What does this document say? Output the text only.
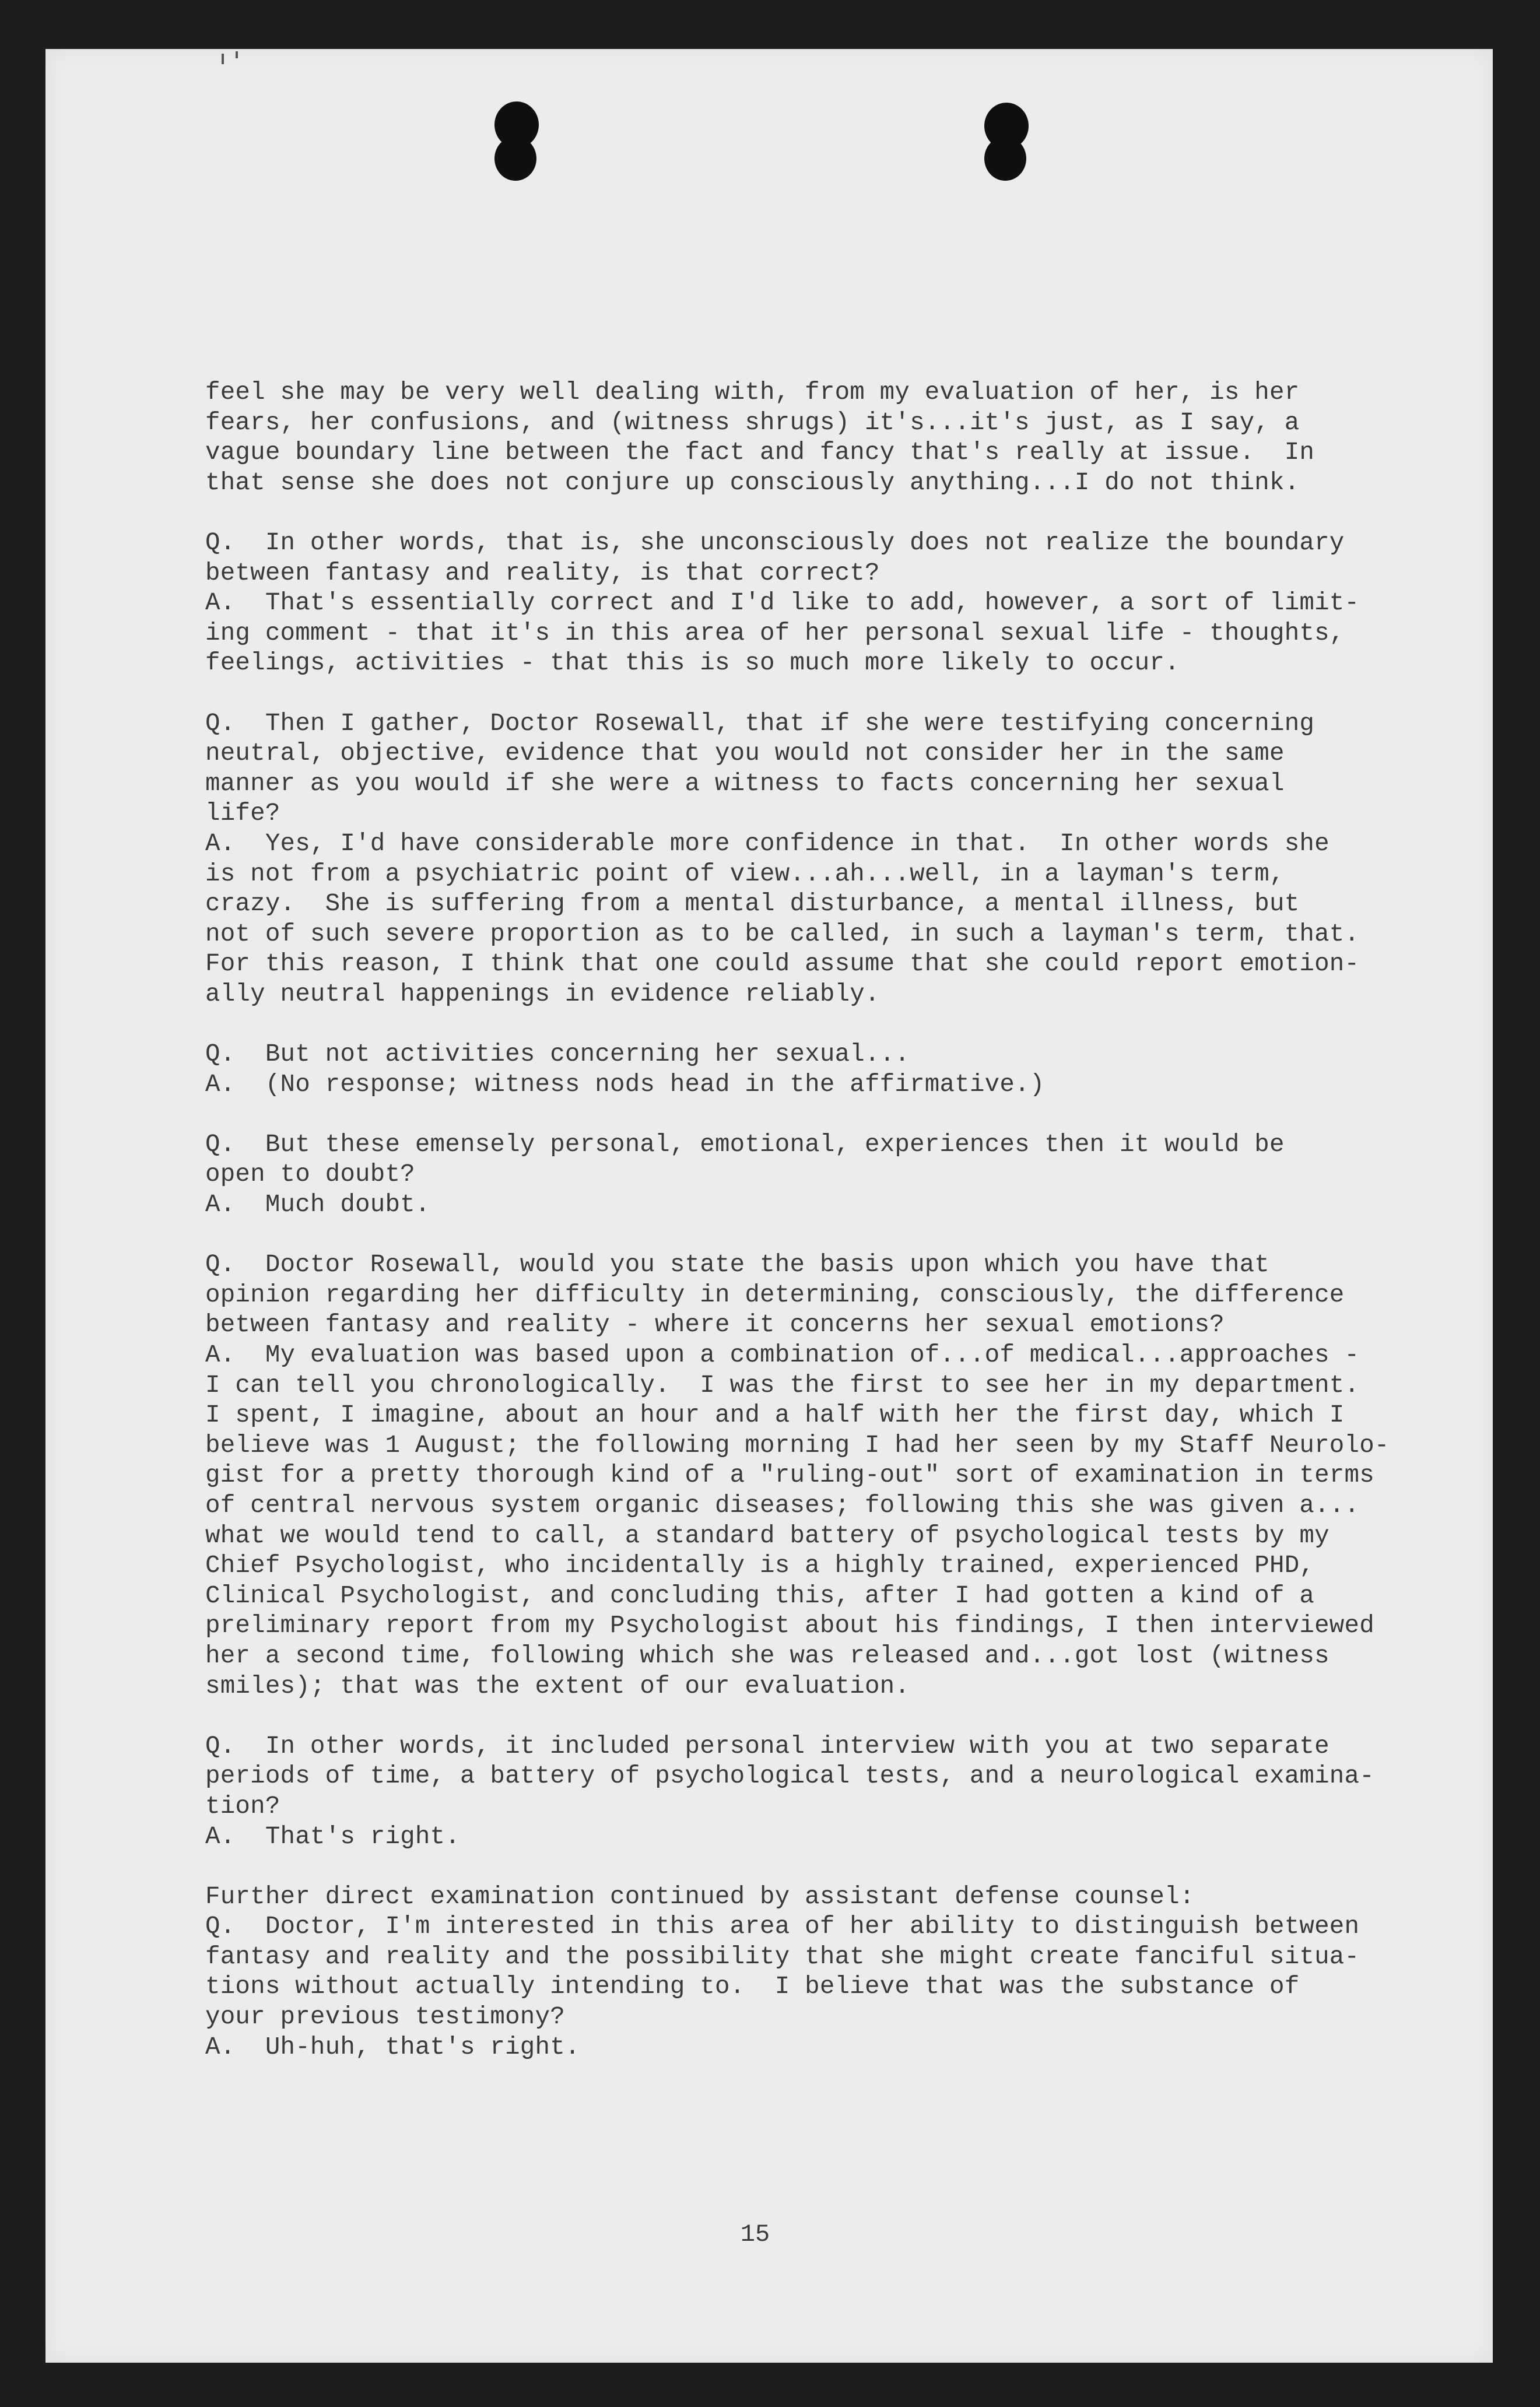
feel she may be very well dealing with, from my evaluation of her, is her
fears, her confusions, and (witness shrugs) it's...it's just, as I say, a
vague boundary line between the fact and fancy that's really at issue.  In
that sense she does not conjure up consciously anything...I do not think.

Q.  In other words, that is, she unconsciously does not realize the boundary
between fantasy and reality, is that correct?
A.  That's essentially correct and I'd like to add, however, a sort of limit-
ing comment - that it's in this area of her personal sexual life - thoughts,
feelings, activities - that this is so much more likely to occur.

Q.  Then I gather, Doctor Rosewall, that if she were testifying concerning
neutral, objective, evidence that you would not consider her in the same
manner as you would if she were a witness to facts concerning her sexual
life?
A.  Yes, I'd have considerable more confidence in that.  In other words she
is not from a psychiatric point of view...ah...well, in a layman's term,
crazy.  She is suffering from a mental disturbance, a mental illness, but
not of such severe proportion as to be called, in such a layman's term, that.
For this reason, I think that one could assume that she could report emotion-
ally neutral happenings in evidence reliably.

Q.  But not activities concerning her sexual...
A.  (No response; witness nods head in the affirmative.)

Q.  But these emensely personal, emotional, experiences then it would be
open to doubt?
A.  Much doubt.

Q.  Doctor Rosewall, would you state the basis upon which you have that
opinion regarding her difficulty in determining, consciously, the difference
between fantasy and reality - where it concerns her sexual emotions?
A.  My evaluation was based upon a combination of...of medical...approaches -
I can tell you chronologically.  I was the first to see her in my department.
I spent, I imagine, about an hour and a half with her the first day, which I
believe was 1 August; the following morning I had her seen by my Staff Neurolo-
gist for a pretty thorough kind of a "ruling-out" sort of examination in terms
of central nervous system organic diseases; following this she was given a...
what we would tend to call, a standard battery of psychological tests by my
Chief Psychologist, who incidentally is a highly trained, experienced PHD,
Clinical Psychologist, and concluding this, after I had gotten a kind of a
preliminary report from my Psychologist about his findings, I then interviewed
her a second time, following which she was released and...got lost (witness
smiles); that was the extent of our evaluation.

Q.  In other words, it included personal interview with you at two separate
periods of time, a battery of psychological tests, and a neurological examina-
tion?
A.  That's right.

Further direct examination continued by assistant defense counsel:
Q.  Doctor, I'm interested in this area of her ability to distinguish between
fantasy and reality and the possibility that she might create fanciful situa-
tions without actually intending to.  I believe that was the substance of
your previous testimony?
A.  Uh-huh, that's right.

15
